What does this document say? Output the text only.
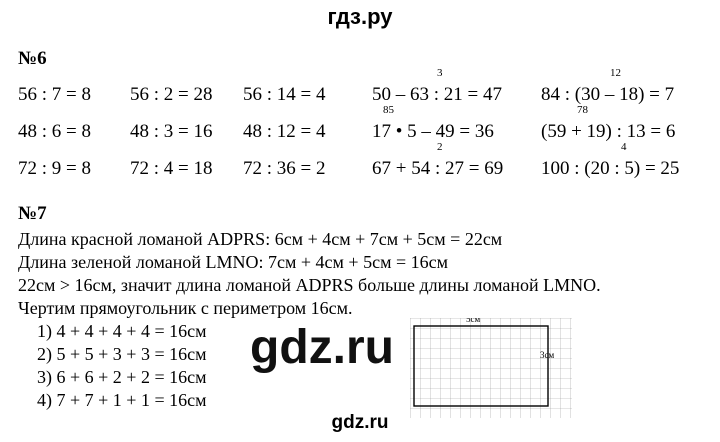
гдз.ру
№6
56 : 7 = 8 56 : 2 = 28 56 : 14 = 4 50 – 63 : 21 = 47 84 : (30 – 18) = 7
3	12
48 : 6 = 8 48 : 3 = 16 48 : 12 = 4 17 • 5 – 49 = 36 (59 + 19) : 13 = 6
85	78
72 : 9 = 8 72 : 4 = 18 72 : 36 = 2 67 + 54 : 27 = 69 100 : (20 : 5) = 25
2	4
№7
Длина красной ломаной ADPRS: 6см + 4см + 7см + 5см = 22см
Длина зеленой ломаной LMNO: 7см + 4см + 5см = 16см
22см > 16см, значит длина ломаной ADPRS больше длины ломаной LMNO.
Чертим прямоугольник с периметром 16см.
1) 4 + 4 + 4 + 4 = 16см
2) 5 + 5 + 3 + 3 = 16см
3) 6 + 6 + 2 + 2 = 16см
4) 7 + 7 + 1 + 1 = 16см
5см
3см
gdz.ru
gdz.ru
